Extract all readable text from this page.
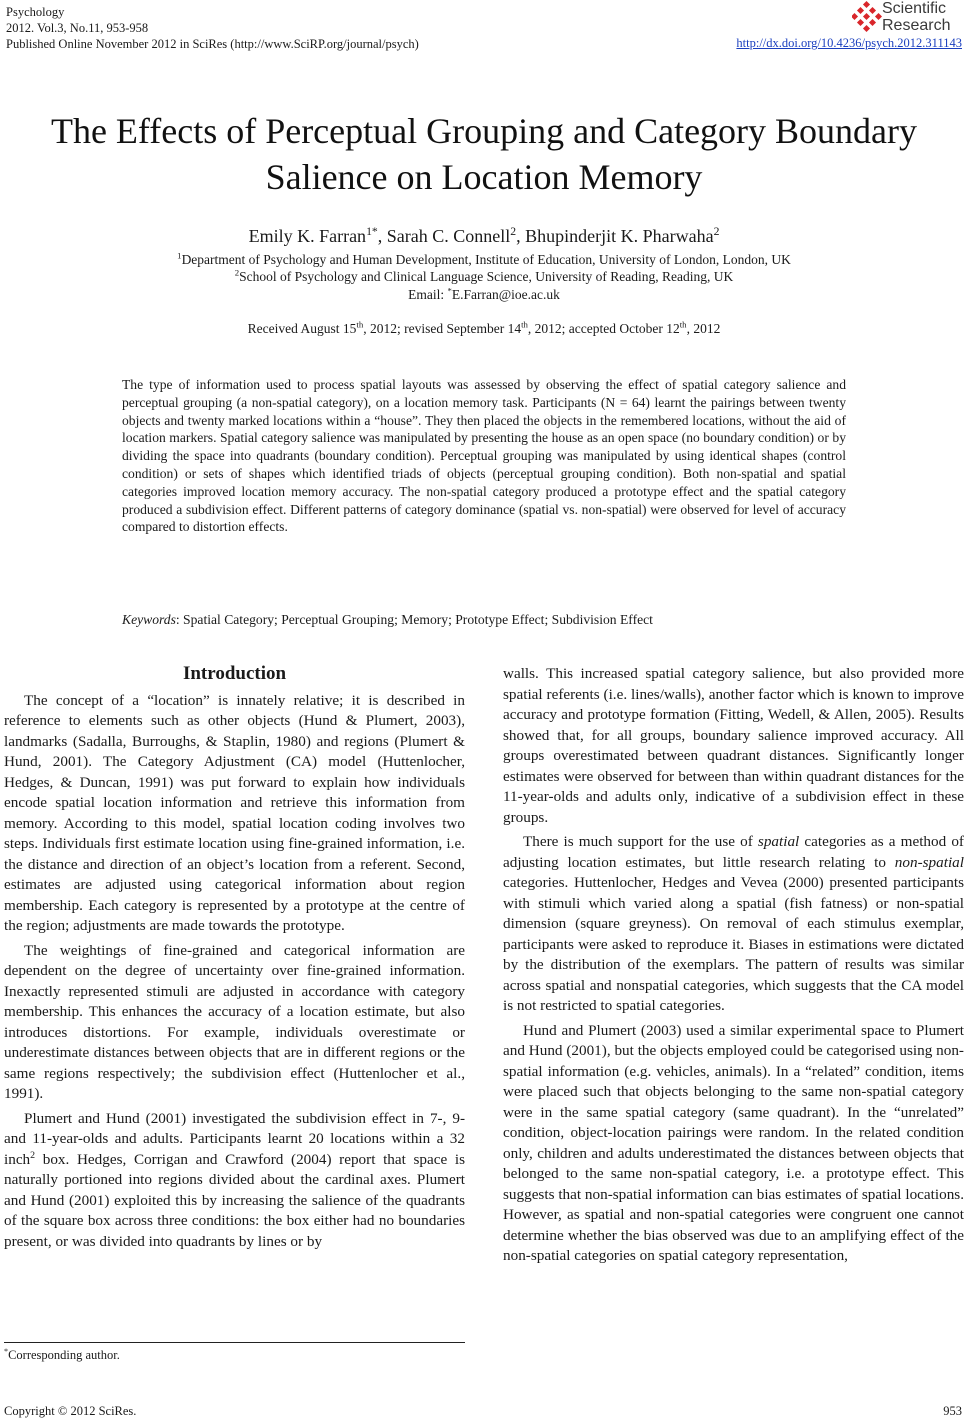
Psychology
2012. Vol.3, No.11, 953-958
Published Online November 2012 in SciRes (http://www.SciRP.org/journal/psych)
Scientific
Research
http://dx.doi.org/10.4236/psych.2012.311143
The Effects of Perceptual Grouping and Category Boundary
Salience on Location Memory
Emily K. Farran$^{1*}$, Sarah C. Connell$^2$, Bhupinderjit K. Pharwaha$^2$
$^1$Department of Psychology and Human Development, Institute of Education, University of London, London, UK
$^2$School of Psychology and Clinical Language Science, University of Reading, Reading, UK
Email: *E.Farran@ioe.ac.uk
Received August 15th, 2012; revised September 14th, 2012; accepted October 12th, 2012
The type of information used to process spatial layouts was assessed by observing the effect of spatial category salience and perceptual grouping (a non-spatial category), on a location memory task. Participants (N = 64) learnt the pairings between twenty objects and twenty marked locations within a “house”. They then placed the objects in the remembered locations, without the aid of location markers. Spatial category salience was manipulated by presenting the house as an open space (no boundary condition) or by dividing the space into quadrants (boundary condition). Perceptual grouping was manipulated by using identical shapes (control condition) or sets of shapes which identified triads of objects (perceptual grouping condition). Both non-spatial and spatial categories improved location memory accuracy. The non-spatial category produced a prototype effect and the spatial category produced a subdivision effect. Different patterns of category dominance (spatial vs. non-spatial) were observed for level of accuracy compared to distortion effects.
Keywords: Spatial Category; Perceptual Grouping; Memory; Prototype Effect; Subdivision Effect
Introduction

The concept of a “location” is innately relative; it is described in reference to elements such as other objects (Hund & Plumert, 2003), landmarks (Sadalla, Burroughs, & Staplin, 1980) and regions (Plumert & Hund, 2001). The Category Adjustment (CA) model (Huttenlocher, Hedges, & Duncan, 1991) was put forward to explain how individuals encode spatial location information and retrieve this information from memory. According to this model, spatial location coding involves two steps. Individuals first estimate location using fine-grained information, i.e. the distance and direction of an object’s location from a referent. Second, estimates are adjusted using categorical information about region membership. Each category is represented by a prototype at the centre of the region; adjustments are made towards the prototype.

The weightings of fine-grained and categorical information are dependent on the degree of uncertainty over fine-grained information. Inexactly represented stimuli are adjusted in accordance with category membership. This enhances the accuracy of a location estimate, but also introduces distortions. For example, individuals overestimate or underestimate distances between objects that are in different regions or the same regions respectively; the subdivision effect (Huttenlocher et al., 1991).

Plumert and Hund (2001) investigated the subdivision effect in 7-, 9- and 11-year-olds and adults. Participants learnt 20 locations within a 32 inch$^2$ box. Hedges, Corrigan and Crawford (2004) report that space is naturally portioned into regions divided about the cardinal axes. Plumert and Hund (2001) exploited this by increasing the salience of the quadrants of the square box across three conditions: the box either had no boundaries present, or was divided into quadrants by lines or by

walls. This increased spatial category salience, but also provided more spatial referents (i.e. lines/walls), another factor which is known to improve accuracy and prototype formation (Fitting, Wedell, & Allen, 2005). Results showed that, for all groups, boundary salience improved accuracy. All groups overestimated between quadrant distances. Significantly longer estimates were observed for between than within quadrant distances for the 11-year-olds and adults only, indicative of a subdivision effect in these groups.

There is much support for the use of spatial categories as a method of adjusting location estimates, but little research relating to non-spatial categories. Huttenlocher, Hedges and Vevea (2000) presented participants with stimuli which varied along a spatial (fish fatness) or non-spatial dimension (square greyness). On removal of each stimulus exemplar, participants were asked to reproduce it. Biases in estimations were dictated by the distribution of the exemplars. The pattern of results was similar across spatial and nonspatial categories, which suggests that the CA model is not restricted to spatial categories.

Hund and Plumert (2003) used a similar experimental space to Plumert and Hund (2001), but the objects employed could be categorised using non-spatial information (e.g. vehicles, animals). In a “related” condition, items were placed such that objects belonging to the same non-spatial category were in the same spatial category (same quadrant). In the “unrelated” condition, object-location pairings were random. In the related condition only, children and adults underestimated the distances between objects that belonged to the same non-spatial category, i.e. a prototype effect. This suggests that non-spatial information can bias estimates of spatial locations. However, as spatial and non-spatial categories were congruent one cannot determine whether the bias observed was due to an amplifying effect of the non-spatial categories on spatial category representation,

*Corresponding author.
Copyright © 2012 SciRes.	953
